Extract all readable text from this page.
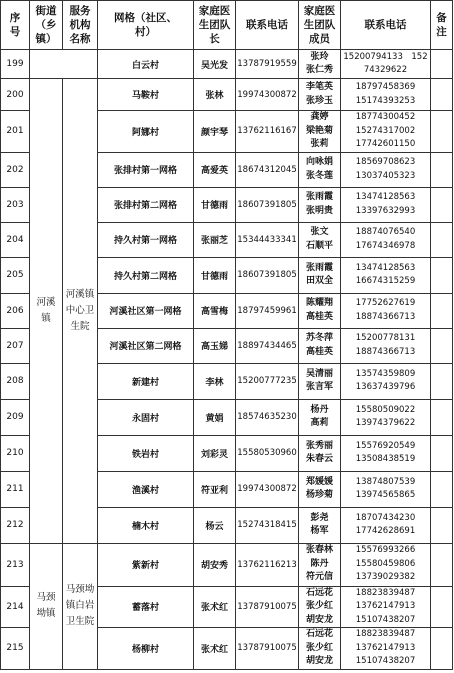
序
号	街道（乡
镇）	服务
机构
名称	网格（社区、
村）	家庭医
生团队
长	联系电话	家庭医
生团队
成员	联系电话	备
注

199			白云村	吴光发	13787919559	张玲
张仁秀	15200794133　152
74329622	

200	河溪
镇	河溪镇
中心卫
生院	马鞍村	张林	19974300872	李笔英
张珍玉	18797458369
15174393253	

201			阿娜村	颜宇琴	13762116167	龚婷
梁艳菊
张莉	18774300452
15274317002
17742601150	

202			张排村第一网格	高爱英	18674312045	向咏娟
张冬莲	18569708623
13037405323	

203			张排村第二网格	甘德雨	18607391805	张雨霞
张明贵	13474128563
13397632993	

204			持久村第一网格	张丽芝	15344433341	张文
石顺平	18874076540
17674346978	

205			持久村第二网格	甘德雨	18607391805	张雨霞
田双全	13474128563
16674315259	

206			河溪社区第一网格	高雪梅	18797459961	陈耀翔
高桂英	17752627619
18874366713	

207			河溪社区第二网格	高玉娣	18897434465	苏冬萍
高桂英	15200778131
18874366713	

208			新建村	李林	15200777235	吴清丽
张言军	13574359809
13637439796	

209			永固村	黄娟	18574635230	杨丹
高莉	15580509022
13974379622	

210			铁岩村	刘彩灵	15580530960	张秀丽
朱春云	15576920549
13508438519	

211			渔溪村	符亚利	19974300872	郑媛媛
杨珍菊	13874807539
13974565865	

212			楠木村	杨云	15274318415	彭尧
杨军	18707434230
17742628691	

213	马颈
坳镇	马颈坳
镇白岩
卫生院	紫新村	胡安秀	13762116213	张春林
陈丹
符元信	15576993266
15580459806
13739029382	

214			蓄落村	张术红	13787910075	石远花
张少红
胡安龙	18823839487
13762147913
15107438207	

215			杨柳村	张术红	13787910075	石远花
张少红
胡安龙	18823839487
13762147913
15107438207	
